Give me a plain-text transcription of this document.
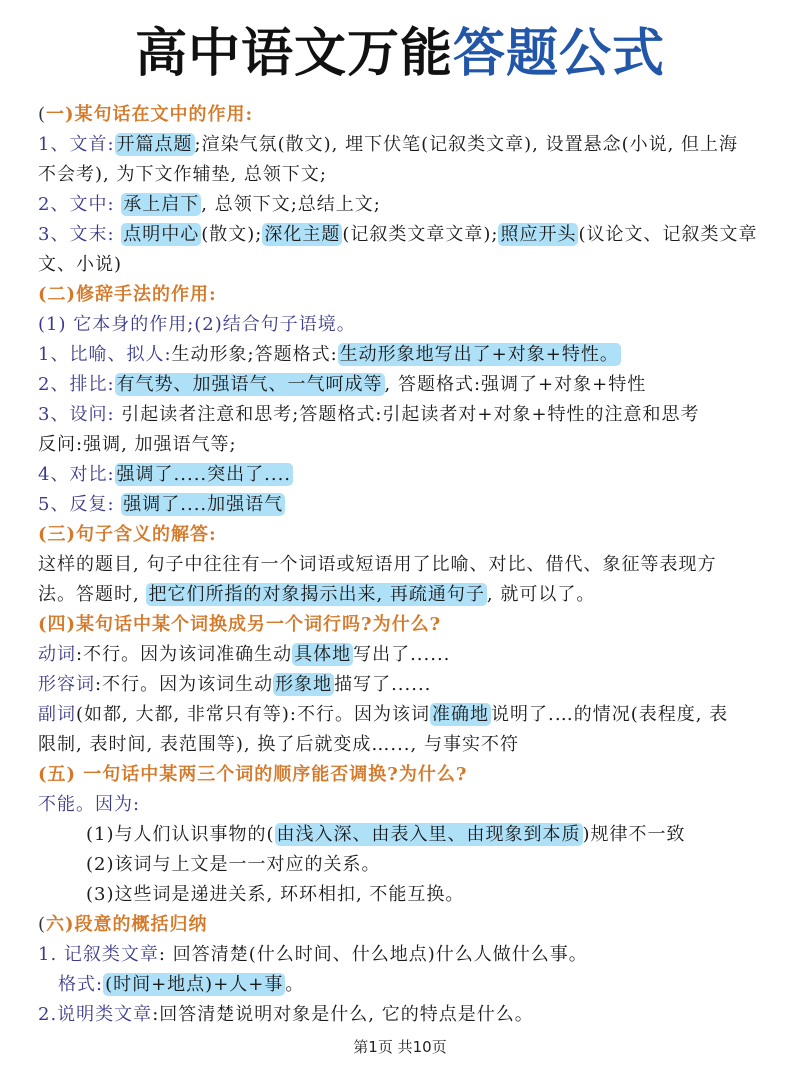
高中语文万能答题公式
(一)某句话在文中的作用:
1、文首: 开篇点题 ;渲染气氛(散文), 埋下伏笔(记叙类文章), 设置悬念(小说, 但上海
不会考), 为下文作辅垫, 总领下文;
2、文中: 承上启下 , 总领下文;总结上文;
3、文末: 点明中心 (散文); 深化主题 (记叙类文章文章); 照应开头 (议论文、记叙类文章
文、小说)
(二)修辞手法的作用:
(1) 它本身的作用;(2)结合句子语境。
1、比喻、拟人:生动形象;答题格式: 生动形象地写出了+对象+特性。
2、排比: 有气势、加强语气、一气呵成等 , 答题格式:强调了+对象+特性
3、设问: 引起读者注意和思考;答题格式:引起读者对+对象+特性的注意和思考
反问:强调, 加强语气等;
4、对比: 强调了.....突出了....
5、反复: 强调了....加强语气
(三)句子含义的解答:
这样的题目, 句子中往往有一个词语或短语用了比喻、对比、借代、象征等表现方
法。答题时, 把它们所指的对象揭示出来, 再疏通句子 , 就可以了。
(四)某句话中某个词换成另一个词行吗?为什么?
动词:不行。因为该词准确生动 具体地 写出了......
形容词:不行。因为该词生动 形象地 描写了......
副词(如都, 大都, 非常只有等):不行。因为该词 准确地 说明了.…的情况(表程度, 表
限制, 表时间, 表范围等), 换了后就变成…..., 与事实不符
(五) 一句话中某两三个词的顺序能否调换?为什么?
不能。因为:
(1)与人们认识事物的( 由浅入深、由表入里、由现象到本质 )规律不一致
(2)该词与上文是一一对应的关系。
(3)这些词是递进关系, 环环相扣, 不能互换。
(六)段意的概括归纳
1. 记叙类文章: 回答清楚(什么时间、什么地点)什么人做什么事。
格式: (时间+地点)+人+事 。
2.说明类文章:回答清楚说明对象是什么, 它的特点是什么。
第1页 共10页
